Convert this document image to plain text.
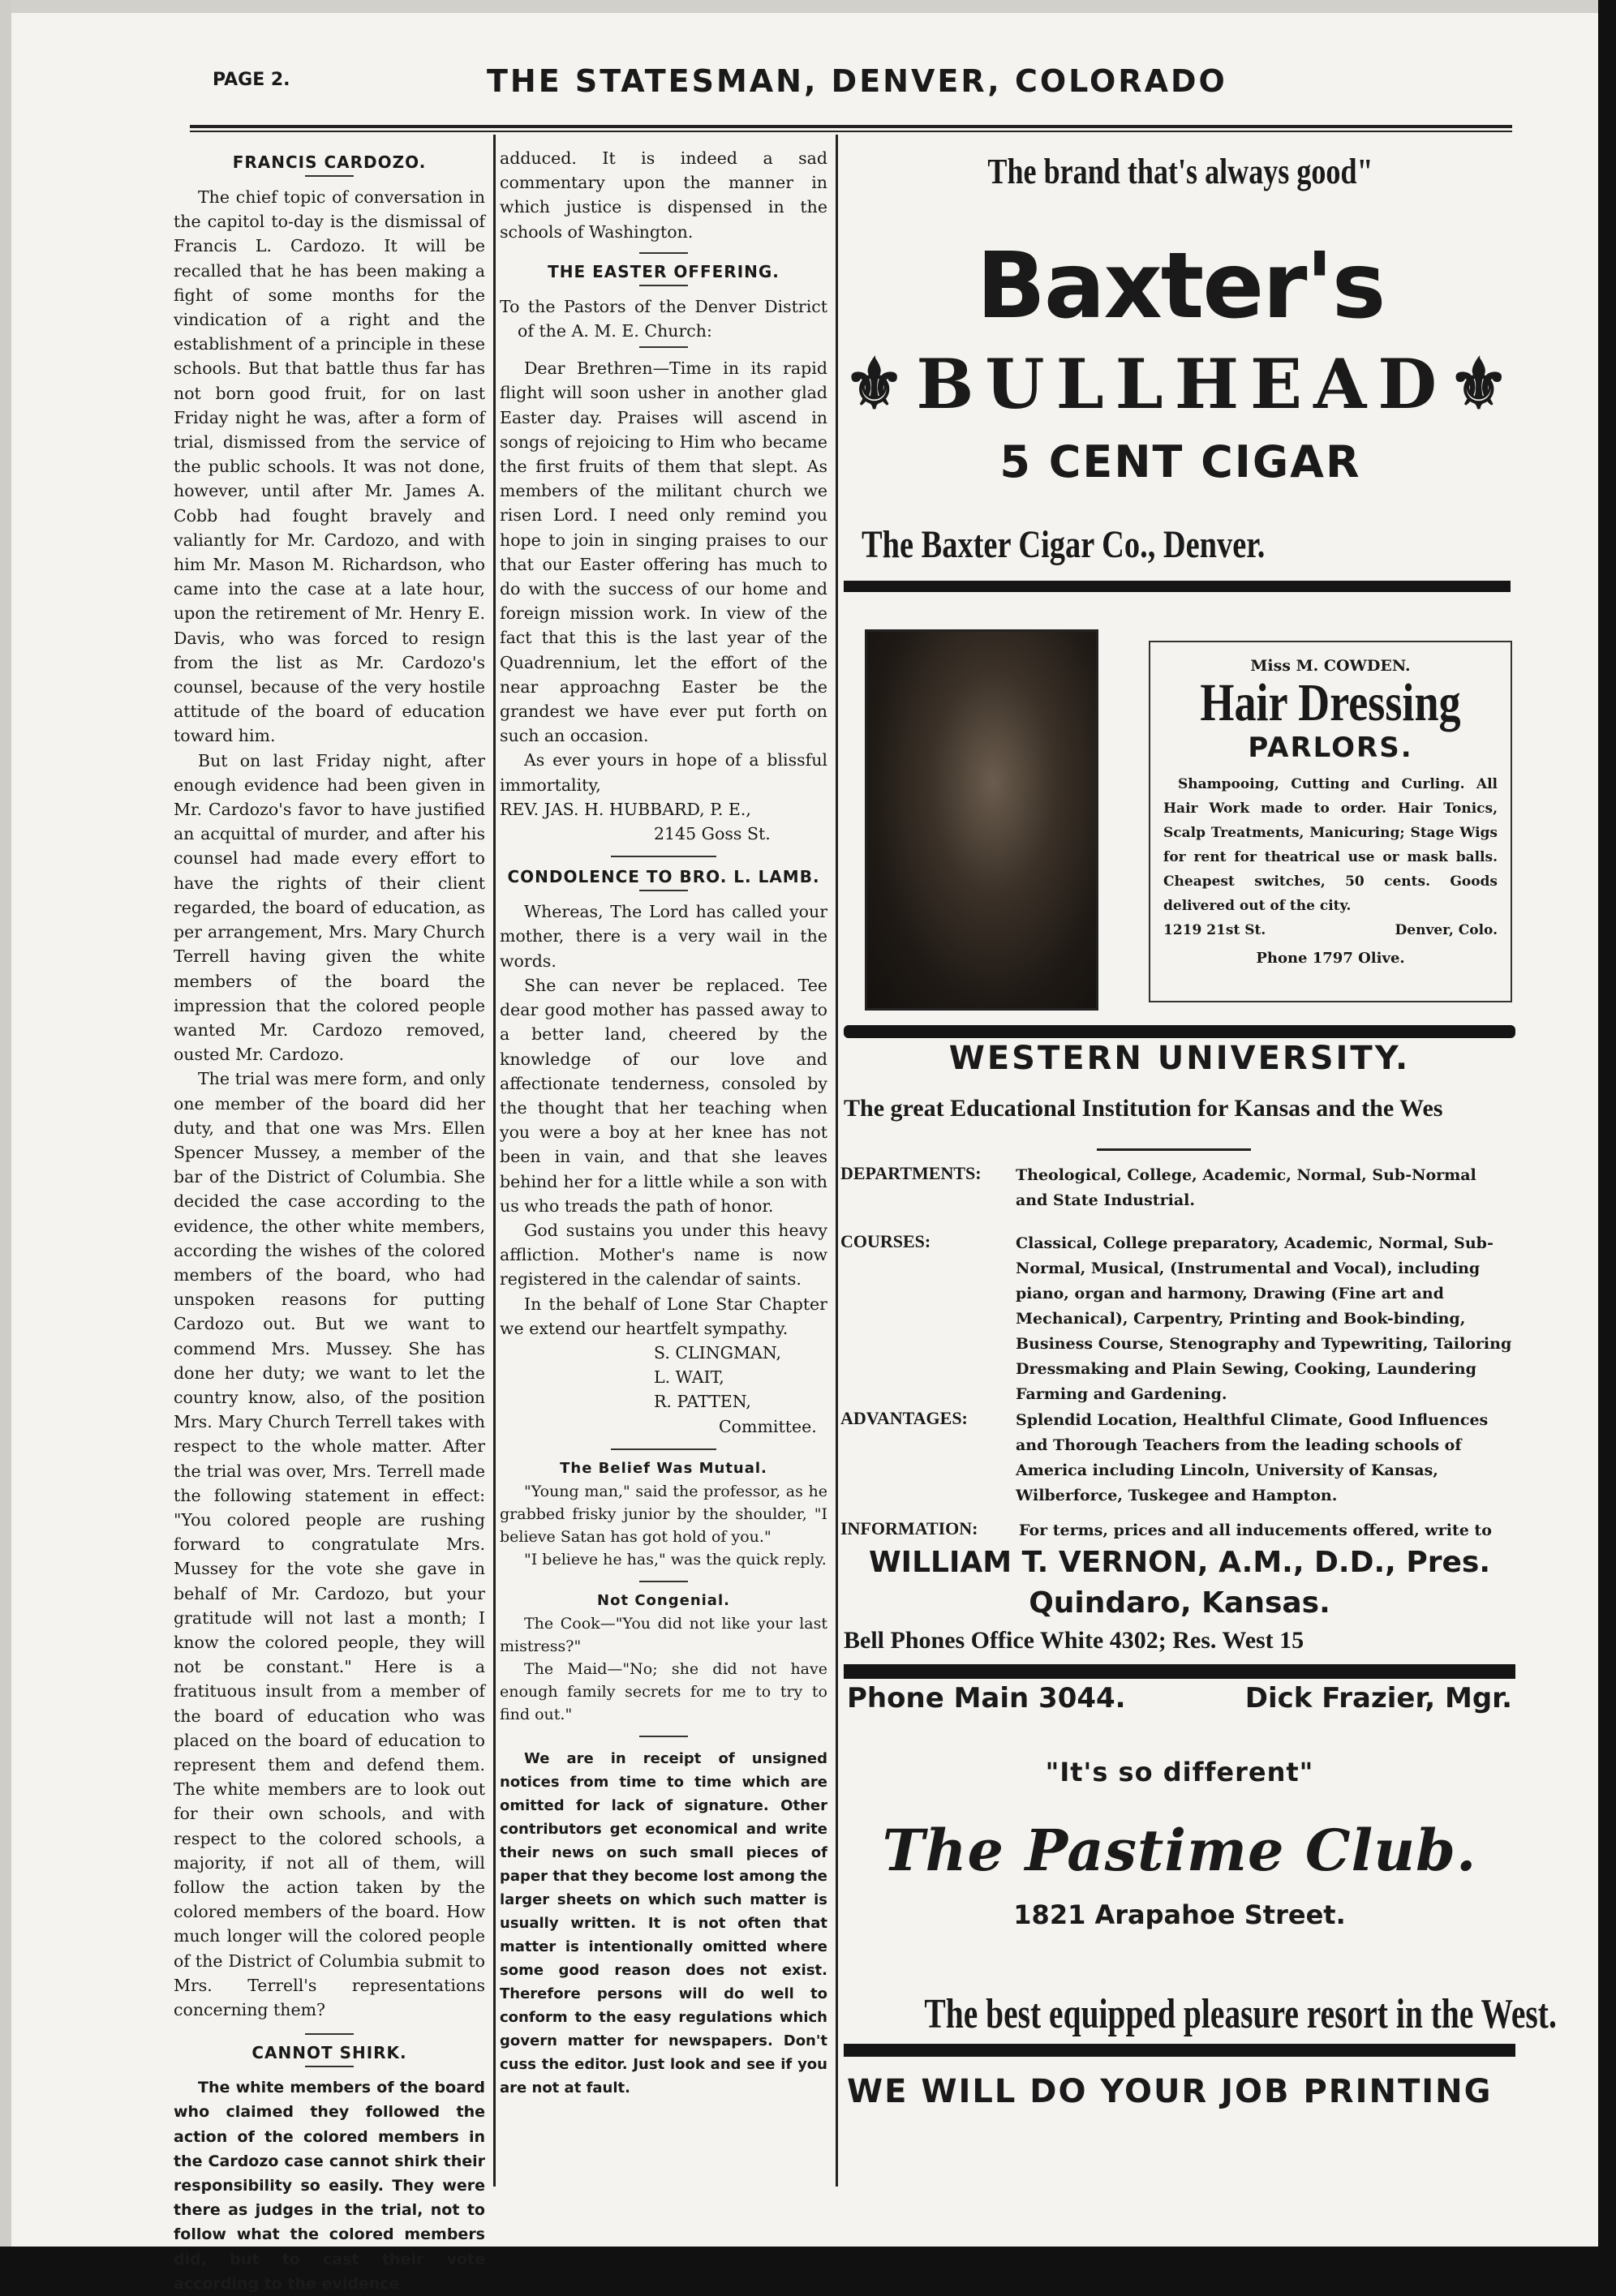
PAGE 2.	THE STATESMAN, DENVER, COLORADO
FRANCIS CARDOZO.

The chief topic of conversation in the capitol to-day is the dismissal of Francis L. Cardozo. It will be recalled that he has been making a fight of some months for the vindication of a right and the establishment of a principle in these schools. But that battle thus far has not born good fruit, for on last Friday night he was, after a form of trial, dismissed from the service of the public schools. It was not done, however, until after Mr. James A. Cobb had fought bravely and valiantly for Mr. Cardozo, and with him Mr. Mason M. Richardson, who came into the case at a late hour, upon the retirement of Mr. Henry E. Davis, who was forced to resign from the list as Mr. Cardozo's counsel, because of the very hostile attitude of the board of education toward him.

But on last Friday night, after enough evidence had been given in Mr. Cardozo's favor to have justified an acquittal of murder, and after his counsel had made every effort to have the rights of their client regarded, the board of education, as per arrangement, Mrs. Mary Church Terrell having given the white members of the board the impression that the colored people wanted Mr. Cardozo removed, ousted Mr. Cardozo.

The trial was mere form, and only one member of the board did her duty, and that one was Mrs. Ellen Spencer Mussey, a member of the bar of the District of Columbia. She decided the case according to the evidence, the other white members, according the wishes of the colored members of the board, who had unspoken reasons for putting Cardozo out. But we want to commend Mrs. Mussey. She has done her duty; we want to let the country know, also, of the position Mrs. Mary Church Terrell takes with respect to the whole matter. After the trial was over, Mrs. Terrell made the following statement in effect: "You colored people are rushing forward to congratulate Mrs. Mussey for the vote she gave in behalf of Mr. Cardozo, but your gratitude will not last a month; I know the colored people, they will not be constant." Here is a fratituous insult from a member of the board of education who was placed on the board of education to represent them and defend them. The white members are to look out for their own schools, and with respect to the colored schools, a majority, if not all of them, will follow the action taken by the colored members of the board. How much longer will the colored people of the District of Columbia submit to Mrs. Terrell's representations concerning them?

CANNOT SHIRK.

The white members of the board who claimed they followed the action of the colored members in the Cardozo case cannot shirk their responsibility so easily. They were there as judges in the trial, not to follow what the colored members did, but to cast their vote according to the evidence

adduced. It is indeed a sad commentary upon the manner in which justice is dispensed in the schools of Washington.

THE EASTER OFFERING.

To the Pastors of the Denver District of the A. M. E. Church:

Dear Brethren—Time in its rapid flight will soon usher in another glad Easter day. Praises will ascend in songs of rejoicing to Him who became the first fruits of them that slept. As members of the militant church we risen Lord. I need only remind you hope to join in singing praises to our that our Easter offering has much to do with the success of our home and foreign mission work. In view of the fact that this is the last year of the Quadrennium, let the effort of the near approachng Easter be the grandest we have ever put forth on such an occasion.

As ever yours in hope of a blissful immortality,

REV. JAS. H. HUBBARD, P. E.,

2145 Goss St.

CONDOLENCE TO BRO. L. LAMB.

Whereas, The Lord has called your mother, there is a very wail in the words.

She can never be replaced. Tee dear good mother has passed away to a better land, cheered by the knowledge of our love and affectionate tenderness, consoled by the thought that her teaching when you were a boy at her knee has not been in vain, and that she leaves behind her for a little while a son with us who treads the path of honor.

God sustains you under this heavy affliction. Mother's name is now registered in the calendar of saints.

In the behalf of Lone Star Chapter we extend our heartfelt sympathy.

S. CLINGMAN,

L. WAIT,

R. PATTEN,

Committee.

The Belief Was Mutual.

"Young man," said the professor, as he grabbed frisky junior by the shoulder, "I believe Satan has got hold of you."

"I believe he has," was the quick reply.

Not Congenial.

The Cook—"You did not like your last mistress?"

The Maid—"No; she did not have enough family secrets for me to try to find out."

We are in receipt of unsigned notices from time to time which are omitted for lack of signature. Other contributors get economical and write their news on such small pieces of paper that they become lost among the larger sheets on which such matter is usually written. It is not often that matter is intentionally omitted where some good reason does not exist. Therefore persons will do well to conform to the easy regulations which govern matter for newspapers. Don't cuss the editor. Just look and see if you are not at fault.

The brand that's always good"
Baxter's
⚜BULLHEAD⚜
5 CENT CIGAR
The Baxter Cigar Co., Denver.
Miss M. COWDEN.
Hair Dressing
PARLORS.
Shampooing, Cutting and Curling. All Hair Work made to order. Hair Tonics, Scalp Treatments, Manicuring; Stage Wigs for rent for theatrical use or mask balls. Cheapest switches, 50 cents. Goods delivered out of the city.
1219 21st St.	Denver, Colo.
Phone 1797 Olive.
WESTERN UNIVERSITY.
The great Educational Institution for Kansas and the Wes
DEPARTMENTS: Theological, College, Academic, Normal, Sub-Normal and State Industrial.
COURSES:	Classical, College preparatory, Academic, Normal, Sub-Normal, Musical, (Instrumental and Vocal), including piano, organ and harmony, Drawing (Fine art and Mechanical), Carpentry, Printing and Book-binding, Business Course, Stenography and Typewriting, Tailoring Dressmaking and Plain Sewing, Cooking, Laundering Farming and Gardening.
ADVANTAGES:	Splendid Location, Healthful Climate, Good Influences and Thorough Teachers from the leading schools of America including Lincoln, University of Kansas, Wilberforce, Tuskegee and Hampton.
INFORMATION:	For terms, prices and all inducements offered, write to
WILLIAM T. VERNON, A.M., D.D., Pres.
Quindaro, Kansas.
Bell Phones Office White 4302; Res. West 15
Phone Main 3044.	Dick Frazier, Mgr.
"It's so different"
The Pastime Club.
1821 Arapahoe Street.
The best equipped pleasure resort in the West.
WE WILL DO YOUR JOB PRINTING
